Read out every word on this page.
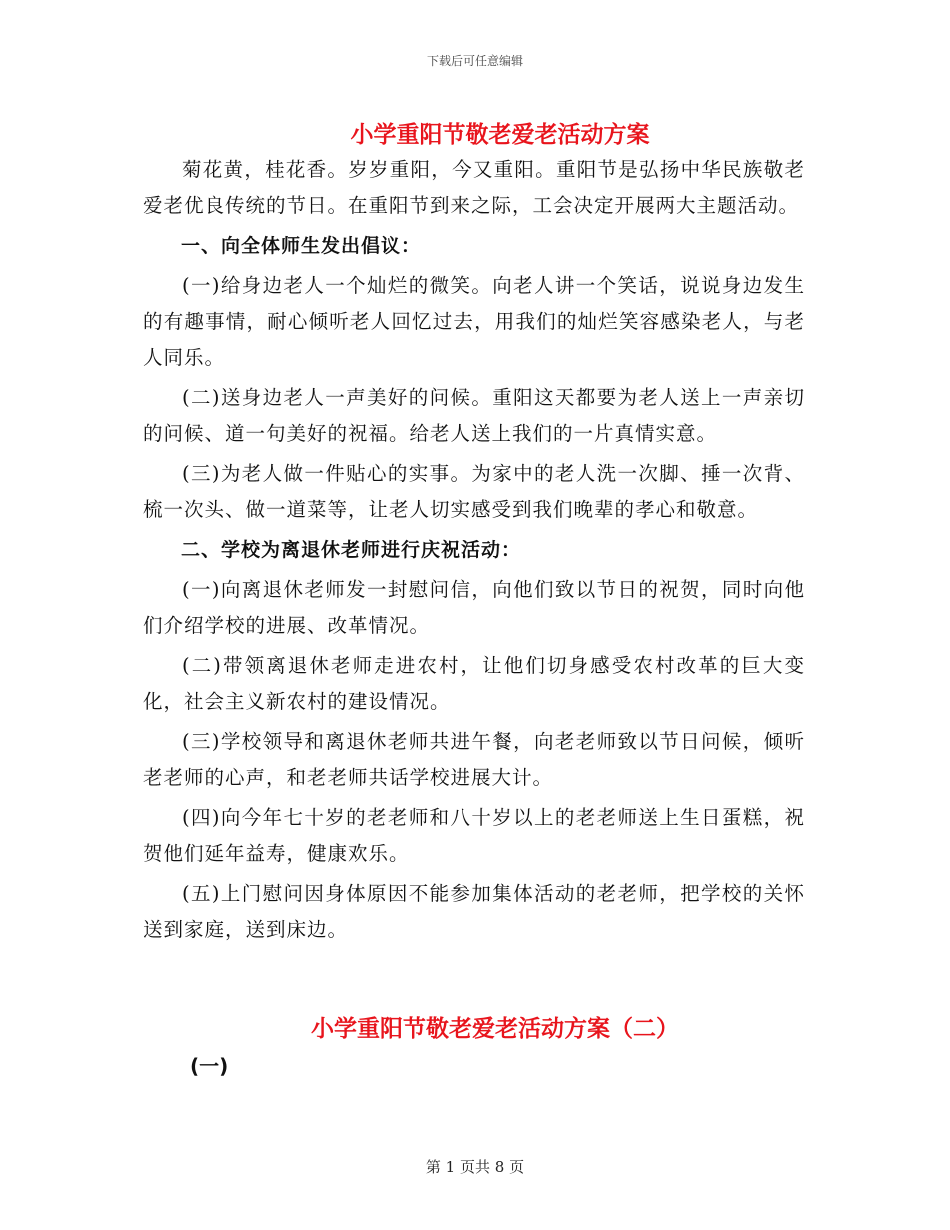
下载后可任意编辑
小学重阳节敬老爱老活动方案

菊花黄，桂花香。岁岁重阳，今又重阳。重阳节是弘扬中华民族敬老爱老优良传统的节日。在重阳节到来之际，工会决定开展两大主题活动。

一、向全体师生发出倡议：

(一)给身边老人一个灿烂的微笑。向老人讲一个笑话，说说身边发生的有趣事情，耐心倾听老人回忆过去，用我们的灿烂笑容感染老人，与老人同乐。

(二)送身边老人一声美好的问候。重阳这天都要为老人送上一声亲切的问候、道一句美好的祝福。给老人送上我们的一片真情实意。

(三)为老人做一件贴心的实事。为家中的老人洗一次脚、捶一次背、梳一次头、做一道菜等，让老人切实感受到我们晚辈的孝心和敬意。

二、学校为离退休老师进行庆祝活动：

(一)向离退休老师发一封慰问信，向他们致以节日的祝贺，同时向他们介绍学校的进展、改革情况。

(二)带领离退休老师走进农村，让他们切身感受农村改革的巨大变化，社会主义新农村的建设情况。

(三)学校领导和离退休老师共进午餐，向老老师致以节日问候，倾听老老师的心声，和老老师共话学校进展大计。

(四)向今年七十岁的老老师和八十岁以上的老老师送上生日蛋糕，祝贺他们延年益寿，健康欢乐。

(五)上门慰问因身体原因不能参加集体活动的老老师，把学校的关怀送到家庭，送到床边。

小学重阳节敬老爱老活动方案（二）
(一)
第 1 页共 8 页
